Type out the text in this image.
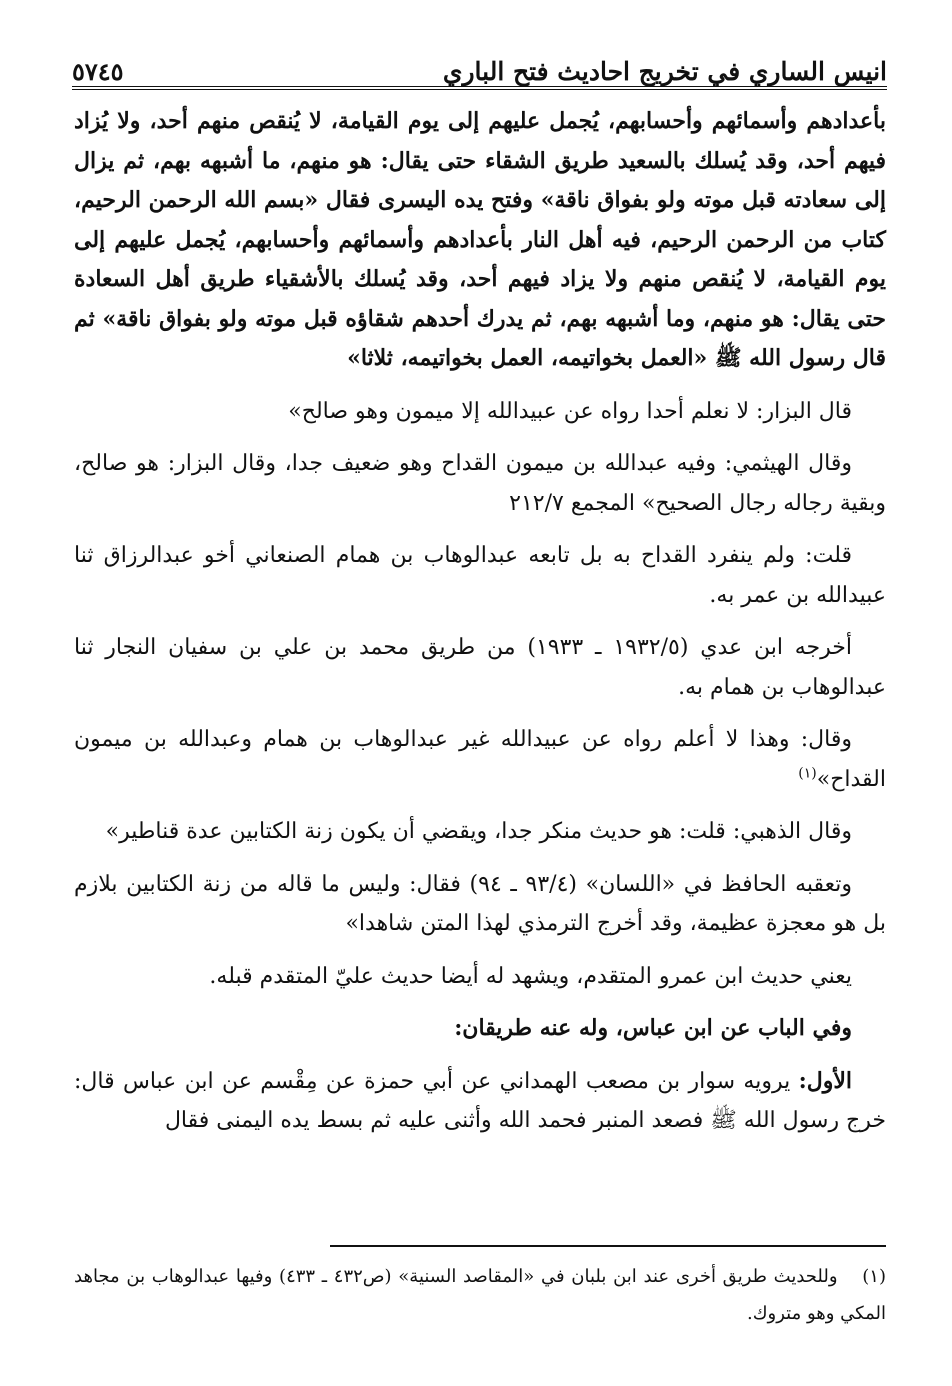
انيس الساري في تخريج احاديث فتح الباري
٥٧٤٥

بأعدادهم وأسمائهم وأحسابهم، يُجمل عليهم إلى يوم القيامة، لا يُنقص منهم أحد، ولا يُزاد فيهم أحد، وقد يُسلك بالسعيد طريق الشقاء حتى يقال: هو منهم، ما أشبهه بهم، ثم يزال إلى سعادته قبل موته ولو بفواق ناقة» وفتح يده اليسرى فقال «بسم الله الرحمن الرحيم، كتاب من الرحمن الرحيم، فيه أهل النار بأعدادهم وأسمائهم وأحسابهم، يُجمل عليهم إلى يوم القيامة، لا يُنقص منهم ولا يزاد فيهم أحد، وقد يُسلك بالأشقياء طريق أهل السعادة حتى يقال: هو منهم، وما أشبهه بهم، ثم يدرك أحدهم شقاؤه قبل موته ولو بفواق ناقة» ثم قال رسول الله ﷺ «العمل بخواتيمه، العمل بخواتيمه، ثلاثا»

قال البزار: لا نعلم أحدا رواه عن عبيدالله إلا ميمون وهو صالح»

وقال الهيثمي: وفيه عبدالله بن ميمون القداح وهو ضعيف جدا، وقال البزار: هو صالح، وبقية رجاله رجال الصحيح» المجمع ٢١٢/٧

قلت: ولم ينفرد القداح به بل تابعه عبدالوهاب بن همام الصنعاني أخو عبدالرزاق ثنا عبيدالله بن عمر به.

أخرجه ابن عدي (١٩٣٢/٥ ـ ١٩٣٣) من طريق محمد بن علي بن سفيان النجار ثنا عبدالوهاب بن همام به.

وقال: وهذا لا أعلم رواه عن عبيدالله غير عبدالوهاب بن همام وعبدالله بن ميمون القداح»$^{(١)}$

وقال الذهبي: قلت: هو حديث منكر جدا، ويقضي أن يكون زنة الكتابين عدة قناطير»

وتعقبه الحافظ في «اللسان» (٩٣/٤ ـ ٩٤) فقال: وليس ما قاله من زنة الكتابين بلازم بل هو معجزة عظيمة، وقد أخرج الترمذي لهذا المتن شاهدا»

يعني حديث ابن عمرو المتقدم، ويشهد له أيضا حديث عليّ المتقدم قبله.

وفي الباب عن ابن عباس، وله عنه طريقان:

الأول: يرويه سوار بن مصعب الهمداني عن أبي حمزة عن مِقْسم عن ابن عباس قال: خرج رسول الله ﷺ فصعد المنبر فحمد الله وأثنى عليه ثم بسط يده اليمنى فقال

(١) وللحديث طريق أخرى عند ابن بلبان في «المقاصد السنية» (ص٤٣٢ ـ ٤٣٣) وفيها عبدالوهاب بن مجاهد المكي وهو متروك.
